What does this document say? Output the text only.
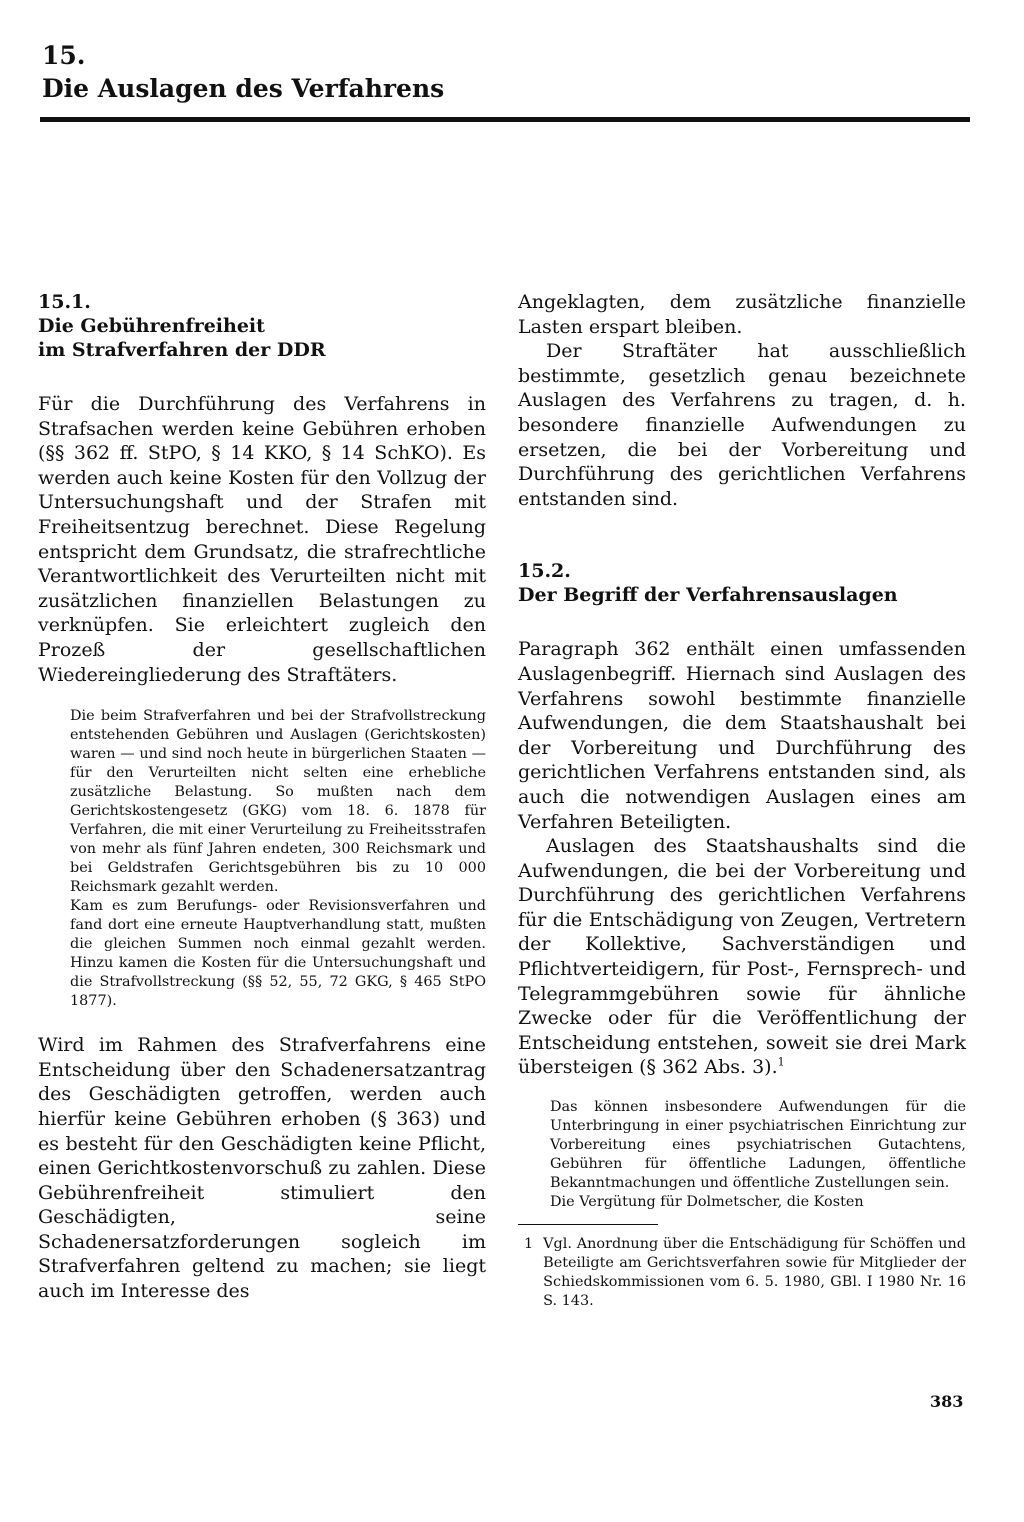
15.
Die Auslagen des Verfahrens

15.1.

Die Gebührenfreiheit

im Strafverfahren der DDR

Für die Durchführung des Verfahrens in Strafsachen werden keine Gebühren erhoben (§§ 362 ff. StPO, § 14 KKO, § 14 SchKO). Es werden auch keine Kosten für den Vollzug der Untersuchungshaft und der Strafen mit Freiheitsentzug berechnet. Diese Regelung entspricht dem Grundsatz, die strafrechtliche Verantwortlichkeit des Verurteilten nicht mit zusätzlichen finanziellen Belastungen zu verknüpfen. Sie erleichtert zugleich den Prozeß der gesellschaftlichen Wiedereingliederung des Straftäters.

Die beim Strafverfahren und bei der Strafvollstreckung entstehenden Gebühren und Auslagen (Gerichtskosten) waren — und sind noch heute in bürgerlichen Staaten — für den Verurteilten nicht selten eine erhebliche zusätzliche Belastung. So mußten nach dem Gerichtskostengesetz (GKG) vom 18. 6. 1878 für Verfahren, die mit einer Verurteilung zu Freiheitsstrafen von mehr als fünf Jahren endeten, 300 Reichsmark und bei Geldstrafen Gerichtsgebühren bis zu 10 000 Reichsmark gezahlt werden.

Kam es zum Berufungs- oder Revisionsverfahren und fand dort eine erneute Hauptverhandlung statt, mußten die gleichen Summen noch einmal gezahlt werden. Hinzu kamen die Kosten für die Untersuchungshaft und die Strafvollstreckung (§§ 52, 55, 72 GKG, § 465 StPO 1877).

Wird im Rahmen des Strafverfahrens eine Entscheidung über den Schadenersatzantrag des Geschädigten getroffen, werden auch hierfür keine Gebühren erhoben (§ 363) und es besteht für den Geschädigten keine Pflicht, einen Gerichtkostenvorschuß zu zahlen. Diese Gebührenfreiheit stimuliert den Geschädigten, seine Schadenersatzforderungen sogleich im Strafverfahren geltend zu machen; sie liegt auch im Interesse des

Angeklagten, dem zusätzliche finanzielle Lasten erspart bleiben.

Der Straftäter hat ausschließlich bestimmte, gesetzlich genau bezeichnete Auslagen des Verfahrens zu tragen, d. h. besondere finanzielle Aufwendungen zu ersetzen, die bei der Vorbereitung und Durchführung des gerichtlichen Verfahrens entstanden sind.

15.2.

Der Begriff der Verfahrensauslagen

Paragraph 362 enthält einen umfassenden Auslagenbegriff. Hiernach sind Auslagen des Verfahrens sowohl bestimmte finanzielle Aufwendungen, die dem Staatshaushalt bei der Vorbereitung und Durchführung des gerichtlichen Verfahrens entstanden sind, als auch die notwendigen Auslagen eines am Verfahren Beteiligten.

Auslagen des Staatshaushalts sind die Aufwendungen, die bei der Vorbereitung und Durchführung des gerichtlichen Verfahrens für die Entschädigung von Zeugen, Vertretern der Kollektive, Sachverständigen und Pflichtverteidigern, für Post-, Fernsprech- und Telegrammgebühren sowie für ähnliche Zwecke oder für die Veröffentlichung der Entscheidung entstehen, soweit sie drei Mark übersteigen (§ 362 Abs. 3).$^1$

Das können insbesondere Aufwendungen für die Unterbringung in einer psychiatrischen Einrichtung zur Vorbereitung eines psychiatrischen Gutachtens, Gebühren für öffentliche Ladungen, öffentliche Bekanntmachungen und öffentliche Zustellungen sein.

Die Vergütung für Dolmetscher, die Kosten

1 Vgl. Anordnung über die Entschädigung für Schöffen und Beteiligte am Gerichtsverfahren sowie für Mitglieder der Schiedskommissionen vom 6. 5. 1980, GBl. I 1980 Nr. 16 S. 143.

383
